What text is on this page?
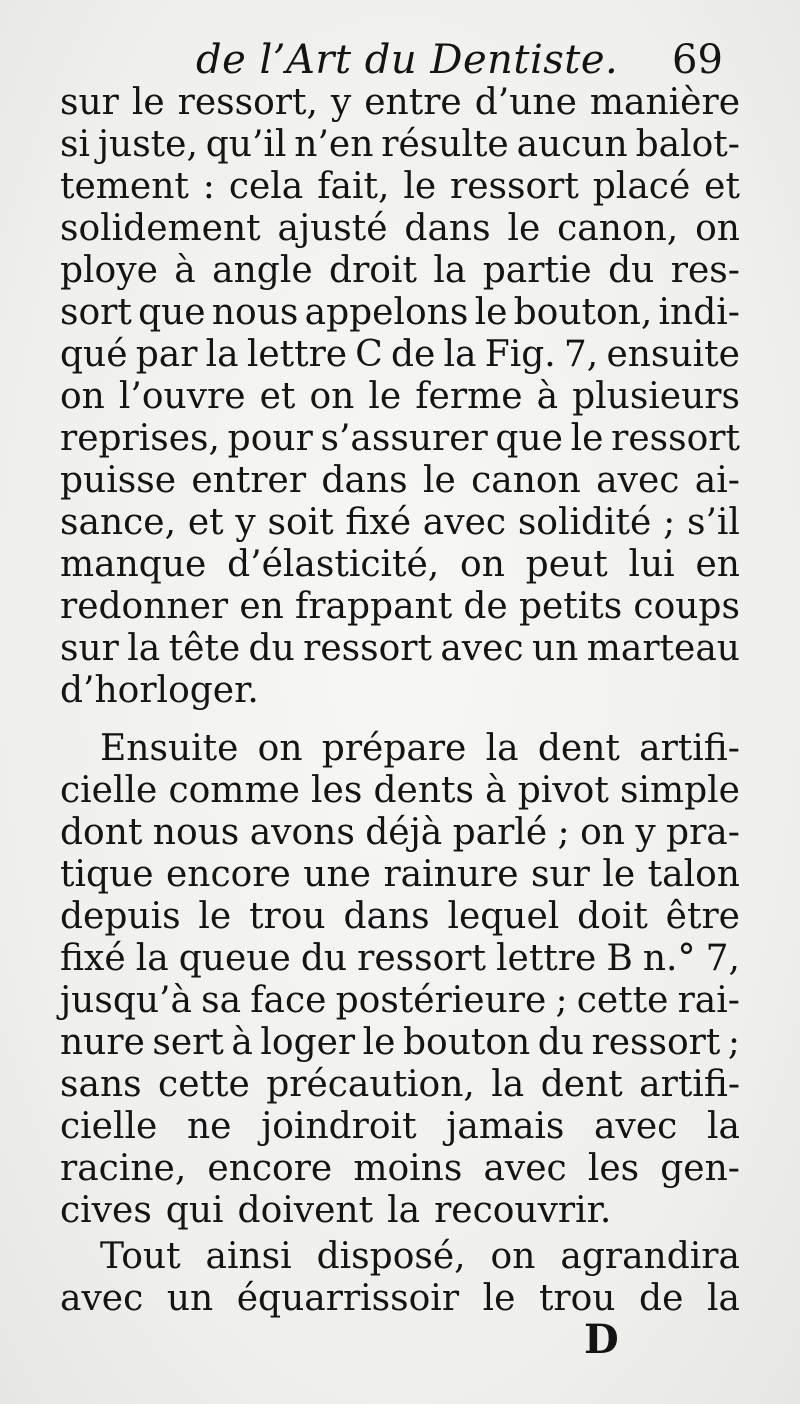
de l’Art du Dentiste. 69
sur le ressort, y entre d’une manière
si juste, qu’il n’en résulte aucun balot-
tement : cela fait, le ressort placé et
solidement ajusté dans le canon, on
ploye à angle droit la partie du res-
sort que nous appelons le bouton, indi-
qué par la lettre C de la Fig. 7, ensuite
on l’ouvre et on le ferme à plusieurs
reprises, pour s’assurer que le ressort
puisse entrer dans le canon avec ai-
sance, et y soit fixé avec solidité ; s’il
manque d’élasticité, on peut lui en
redonner en frappant de petits coups
sur la tête du ressort avec un marteau
d’horloger.
Ensuite on prépare la dent artifi-
cielle comme les dents à pivot simple
dont nous avons déjà parlé ; on y pra-
tique encore une rainure sur le talon
depuis le trou dans lequel doit être
fixé la queue du ressort lettre B n.° 7,
jusqu’à sa face postérieure ; cette rai-
nure sert à loger le bouton du ressort ;
sans cette précaution, la dent artifi-
cielle ne joindroit jamais avec la
racine, encore moins avec les gen-
cives qui doivent la recouvrir.
Tout ainsi disposé, on agrandira
avec un équarrissoir le trou de la
D
